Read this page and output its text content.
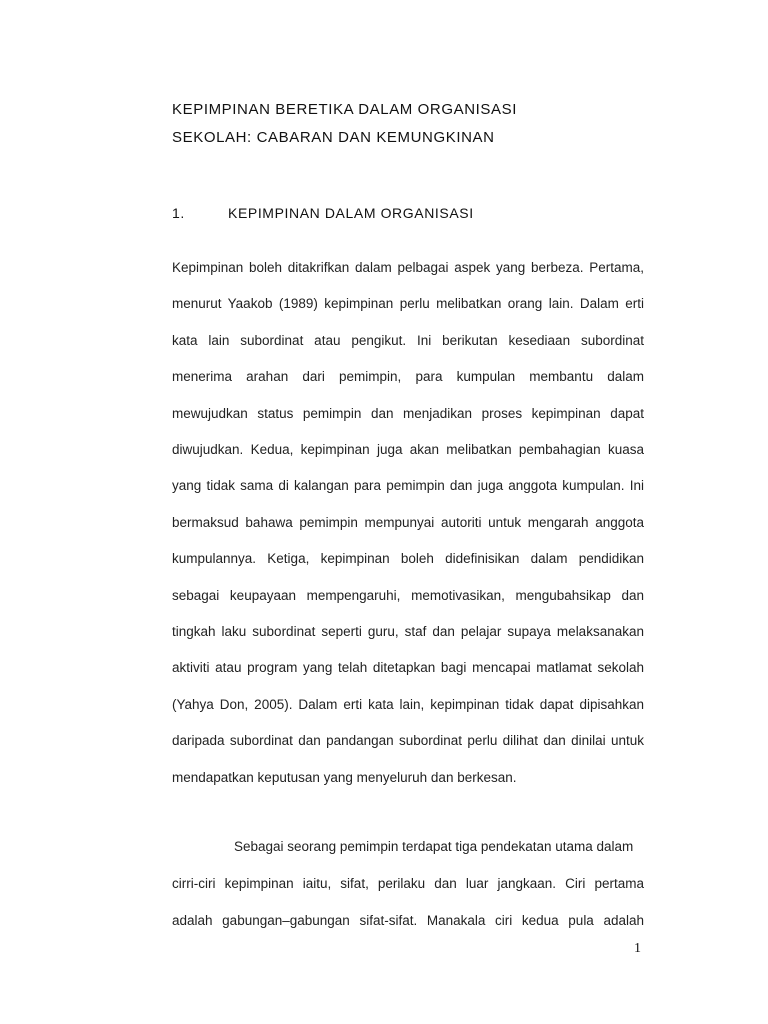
KEPIMPINAN BERETIKA DALAM ORGANISASI
SEKOLAH: CABARAN DAN KEMUNGKINAN
1.	KEPIMPINAN DALAM ORGANISASI
Kepimpinan boleh ditakrifkan dalam pelbagai aspek yang berbeza. Pertama,
menurut Yaakob (1989) kepimpinan perlu melibatkan orang lain. Dalam erti
kata lain subordinat atau pengikut. Ini berikutan kesediaan subordinat
menerima arahan dari pemimpin, para kumpulan membantu dalam
mewujudkan status pemimpin dan menjadikan proses kepimpinan dapat
diwujudkan. Kedua, kepimpinan juga akan melibatkan pembahagian kuasa
yang tidak sama di kalangan para pemimpin dan juga anggota kumpulan. Ini
bermaksud bahawa pemimpin mempunyai autoriti untuk mengarah anggota
kumpulannya. Ketiga, kepimpinan boleh didefinisikan dalam pendidikan
sebagai keupayaan mempengaruhi, memotivasikan, mengubahsikap dan
tingkah laku subordinat seperti guru, staf dan pelajar supaya melaksanakan
aktiviti atau program yang telah ditetapkan bagi mencapai matlamat sekolah
(Yahya Don, 2005). Dalam erti kata lain, kepimpinan tidak dapat dipisahkan
daripada subordinat dan pandangan subordinat perlu dilihat dan dinilai untuk
mendapatkan keputusan yang menyeluruh dan berkesan.
Sebagai seorang pemimpin terdapat tiga pendekatan utama dalam
cirri-ciri kepimpinan iaitu, sifat, perilaku dan luar jangkaan. Ciri pertama
adalah gabungan–gabungan sifat-sifat. Manakala ciri kedua pula adalah
1
